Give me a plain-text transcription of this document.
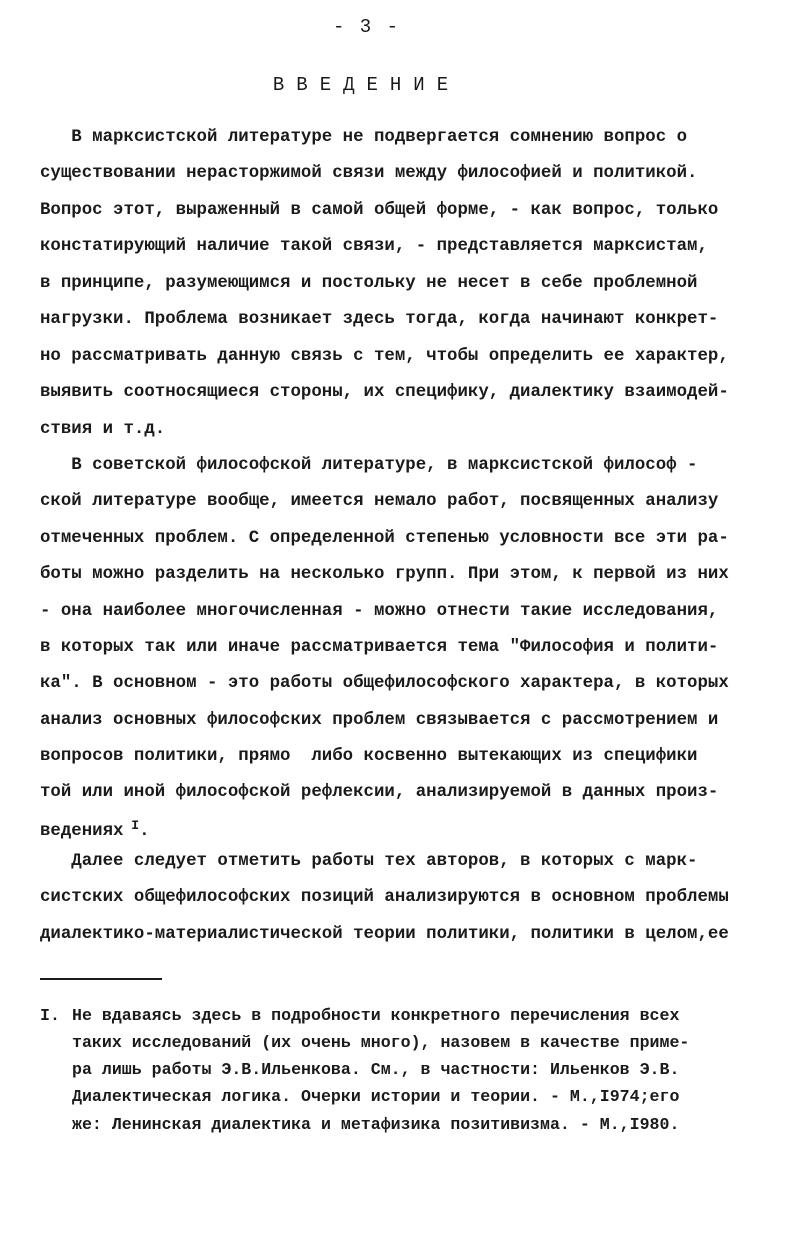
- 3 -
ВВЕДЕНИЕ
В марксистской литературе не подвергается сомнению вопрос о
существовании нерасторжимой связи между философией и политикой.
Вопрос этот, выраженный в самой общей форме, - как вопрос, только
констатирующий наличие такой связи, - представляется марксистам,
в принципе, разумеющимся и постольку не несет в себе проблемной
нагрузки. Проблема возникает здесь тогда, когда начинают конкрет-
но рассматривать данную связь с тем, чтобы определить ее характер,
выявить соотносящиеся стороны, их специфику, диалектику взаимодей-
ствия и т.д.
В советской философской литературе, в марксистской философ -
ской литературе вообще, имеется немало работ, посвященных анализу
отмеченных проблем. С определенной степенью условности все эти ра-
боты можно разделить на несколько групп. При этом, к первой из них
- она наиболее многочисленная - можно отнести такие исследования,
в которых так или иначе рассматривается тема "Философия и полити-
ка". В основном - это работы общефилософского характера, в которых
анализ основных философских проблем связывается с рассмотрением и
вопросов политики, прямо  либо косвенно вытекающих из специфики
той или иной философской рефлексии, анализируемой в данных произ-
ведениях $^I$.
Далее следует отметить работы тех авторов, в которых с марк-
систских общефилософских позиций анализируются в основном проблемы
диалектико-материалистической теории политики, политики в целом,ее
I. Не вдаваясь здесь в подробности конкретного перечисления всех
таких исследований (их очень много), назовем в качестве приме-
ра лишь работы Э.В.Ильенкова. См., в частности: Ильенков Э.В.
Диалектическая логика. Очерки истории и теории. - М.,I974;его
же: Ленинская диалектика и метафизика позитивизма. - М.,I980.
